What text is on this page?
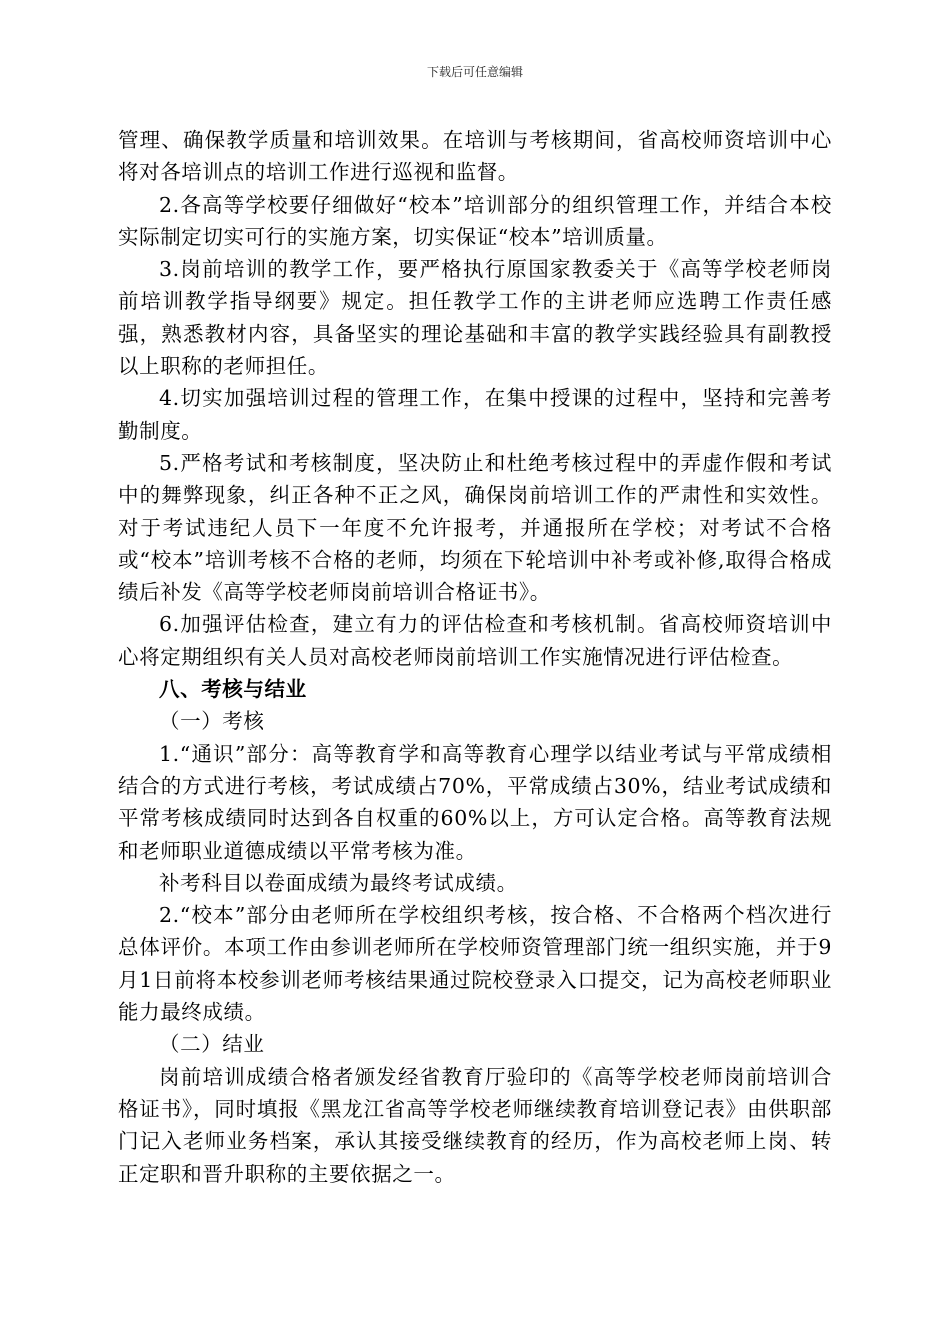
下载后可任意编辑

管理、确保教学质量和培训效果。在培训与考核期间，省高校师资培训中心将对各培训点的培训工作进行巡视和监督。

2.各高等学校要仔细做好“校本”培训部分的组织管理工作，并结合本校实际制定切实可行的实施方案，切实保证“校本”培训质量。

3.岗前培训的教学工作，要严格执行原国家教委关于《高等学校老师岗前培训教学指导纲要》规定。担任教学工作的主讲老师应选聘工作责任感强，熟悉教材内容，具备坚实的理论基础和丰富的教学实践经验具有副教授以上职称的老师担任。

4.切实加强培训过程的管理工作，在集中授课的过程中，坚持和完善考勤制度。

5.严格考试和考核制度，坚决防止和杜绝考核过程中的弄虚作假和考试中的舞弊现象，纠正各种不正之风，确保岗前培训工作的严肃性和实效性。对于考试违纪人员下一年度不允许报考，并通报所在学校；对考试不合格或“校本”培训考核不合格的老师，均须在下轮培训中补考或补修,取得合格成绩后补发《高等学校老师岗前培训合格证书》。

6.加强评估检查，建立有力的评估检查和考核机制。省高校师资培训中心将定期组织有关人员对高校老师岗前培训工作实施情况进行评估检查。

八、考核与结业

（一）考核

1.“通识”部分：高等教育学和高等教育心理学以结业考试与平常成绩相结合的方式进行考核，考试成绩占70%，平常成绩占30%，结业考试成绩和平常考核成绩同时达到各自权重的60%以上，方可认定合格。高等教育法规和老师职业道德成绩以平常考核为准。

补考科目以卷面成绩为最终考试成绩。

2.“校本”部分由老师所在学校组织考核，按合格、不合格两个档次进行总体评价。本项工作由参训老师所在学校师资管理部门统一组织实施，并于9月1日前将本校参训老师考核结果通过院校登录入口提交，记为高校老师职业能力最终成绩。

（二）结业

岗前培训成绩合格者颁发经省教育厅验印的《高等学校老师岗前培训合格证书》，同时填报《黑龙江省高等学校老师继续教育培训登记表》由供职部门记入老师业务档案，承认其接受继续教育的经历，作为高校老师上岗、转正定职和晋升职称的主要依据之一。
